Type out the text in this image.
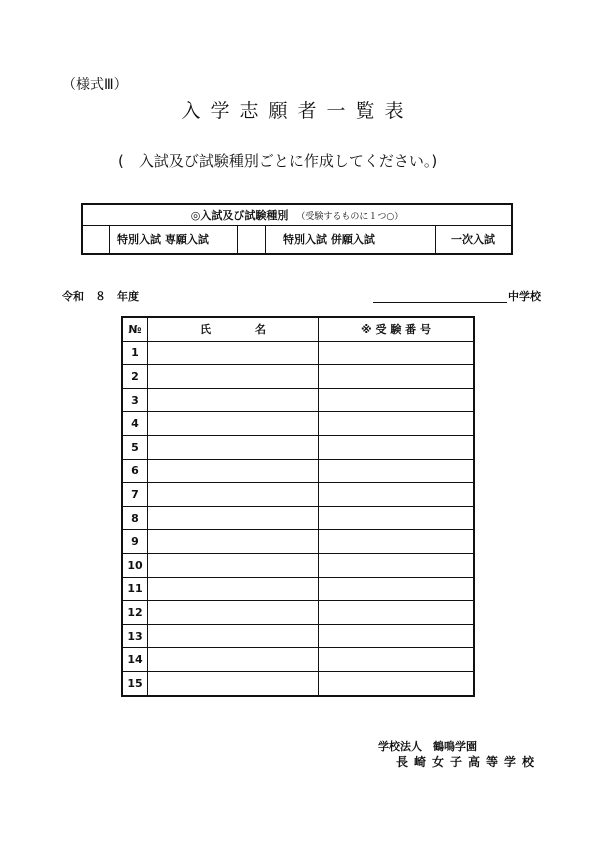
（様式Ⅲ）
入学志願者一覧表
(　入試及び試験種別ごとに作成してください。)
◎入試及び試験種別 （受験するものに１つ○）
特別入試 専願入試	特別入試 併願入試	一次入試
令和　８　年度	中学校
№	氏　　　　名	※ 受 験 番 号
1		
2		
3		
4		
5		
6		
7		
8		
9		
10		
11		
12		
13		
14		
15		
学校法人　鶴鳴学園
長崎女子高等学校
